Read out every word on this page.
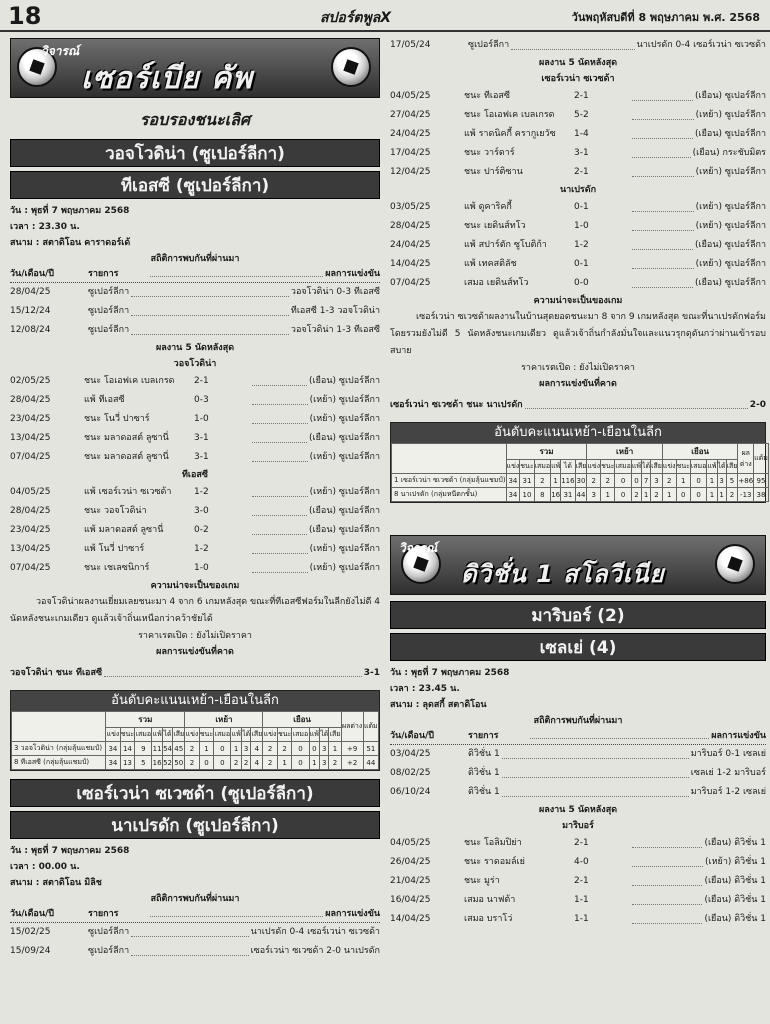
18	สปอร์ตพูลX	วันพฤหัสบดีที่ 8 พฤษภาคม พ.ศ. 2568
วิจารณ์
เซอร์เบีย คัพ
รอบรองชนะเลิศ
วอจโวดิน่า (ซูเปอร์ลีกา)
ทีเอสซี (ซูเปอร์ลีกา)
วัน : พุธที่ 7 พฤษภาคม 2568
เวลา : 23.30 น.
สนาม : สตาดิโอน คาราดอร์เด้
สถิติการพบกันที่ผ่านมา
วัน/เดือน/ปี	รายการ	ผลการแข่งขัน
28/04/25	ซูเปอร์ลีกา	วอจโวดิน่า 0-3 ทีเอสซี
15/12/24	ซูเปอร์ลีกา	ทีเอสซี 1-3 วอจโวดิน่า
12/08/24	ซูเปอร์ลีกา	วอจโวดิน่า 1-3 ทีเอสซี
ผลงาน 5 นัดหลังสุด
วอจโวดิน่า
02/05/25	ชนะ โอเอฟเค เบลเกรด	2-1	(เยือน) ซูเปอร์ลีกา
28/04/25	แพ้ ทีเอสซี	0-3	(เหย้า) ซูเปอร์ลีกา
23/04/25	ชนะ โนวี่ ปาซาร์	1-0	(เหย้า) ซูเปอร์ลีกา
13/04/25	ชนะ มลาดอสต์ ลูซานี่	3-1	(เยือน) ซูเปอร์ลีกา
07/04/25	ชนะ มลาดอสต์ ลูซานี่	3-1	(เหย้า) ซูเปอร์ลีกา
ทีเอสซี
04/05/25	แพ้ เซอร์เวน่า ซเวซด้า	1-2	(เหย้า) ซูเปอร์ลีกา
28/04/25	ชนะ วอจโวดิน่า	3-0	(เยือน) ซูเปอร์ลีกา
23/04/25	แพ้ มลาดอสต์ ลูซานี่	0-2	(เยือน) ซูเปอร์ลีกา
13/04/25	แพ้ โนวี่ ปาซาร์	1-2	(เหย้า) ซูเปอร์ลีกา
07/04/25	ชนะ เชเลซนิการ์	1-0	(เหย้า) ซูเปอร์ลีกา
ความน่าจะเป็นของเกม
วอจโวดิน่าผลงานเยี่ยมเลยชนะมา 4 จาก 6 เกมหลังสุด ขณะที่ทีเอสซีฟอร์มในลีกยังไม่ดี 4 นัดหลังชนะเกมเดียว ดูแล้วเจ้าถิ่นเหนือกว่าคว้าชัยได้
ราคาเรตเปิด : ยังไม่เปิดราคา
ผลการแข่งขันที่คาด
วอจโวดิน่า ชนะ ทีเอสซี	3-1
อันดับคะแนนเหย้า-เยือนในลีก
	รวม						เหย้า						เยือน						ผลต่าง	แต้ม
	แข่ง	ชนะ	เสมอ	แพ้	ได้	เสีย	แข่ง	ชนะ	เสมอ	แพ้	ได้	เสีย	แข่ง	ชนะ	เสมอ	แพ้	ได้	เสีย		
3 วอจโวดิน่า (กลุ่มลุ้นแชมป์)	34	14	9	11	54	45	2	1	0	1	3	4	2	2	0	0	3	1	+9	51
8 ทีเอสซี (กลุ่มลุ้นแชมป์)	34	13	5	16	52	50	2	0	0	2	2	4	2	1	0	1	3	2	+2	44
เซอร์เวน่า ซเวซด้า (ซูเปอร์ลีกา)
นาเปรดัก (ซูเปอร์ลีกา)
วัน : พุธที่ 7 พฤษภาคม 2568
เวลา : 00.00 น.
สนาม : สตาดิโอน มิลิช
สถิติการพบกันที่ผ่านมา
วัน/เดือน/ปี	รายการ	ผลการแข่งขัน
15/02/25	ซูเปอร์ลีกา	นาเปรดัก 0-4 เซอร์เวน่า ซเวซด้า
15/09/24	ซูเปอร์ลีกา	เซอร์เวน่า ซเวซด้า 2-0 นาเปรดัก
17/05/24	ซูเปอร์ลีกา	นาเปรดัก 0-4 เซอร์เวน่า ซเวซด้า
ผลงาน 5 นัดหลังสุด
เซอร์เวน่า ซเวซด้า
04/05/25	ชนะ ทีเอสซี	2-1	(เยือน) ซูเปอร์ลีกา
27/04/25	ชนะ โอเอฟเค เบลเกรด	5-2	(เหย้า) ซูเปอร์ลีกา
24/04/25	แพ้ ราดนิคกี้ ครากูเยวัซ	1-4	(เยือน) ซูเปอร์ลีกา
17/04/25	ชนะ วาร์ดาร์	3-1	(เยือน) กระชับมิตร
12/04/25	ชนะ ปาร์ติซาน	2-1	(เหย้า) ซูเปอร์ลีกา
นาเปรดัก
03/05/25	แพ้ ดูคาริคกี้	0-1	(เหย้า) ซูเปอร์ลีกา
28/04/25	ชนะ เยดินส์ทโว	1-0	(เหย้า) ซูเปอร์ลีกา
24/04/25	แพ้ สปาร์ตัก ซูโบติก้า	1-2	(เยือน) ซูเปอร์ลีกา
14/04/25	แพ้ เทคสติลัช	0-1	(เหย้า) ซูเปอร์ลีกา
07/04/25	เสมอ เยดินส์ทโว	0-0	(เยือน) ซูเปอร์ลีกา
ความน่าจะเป็นของเกม
เซอร์เวน่า ซเวซด้าผลงานในบ้านสุดยอดชนะมา 8 จาก 9 เกมหลังสุด ขณะที่นาเปรดักฟอร์มโดยรวมยังไม่ดี 5 นัดหลังชนะเกมเดียว ดูแล้วเจ้าถิ่นกำลังมั่นใจและแนวรุกดุดันกว่าผ่านเข้ารอบสบาย
ราคาเรตเปิด : ยังไม่เปิดราคา
ผลการแข่งขันที่คาด
เซอร์เวน่า ซเวซด้า ชนะ นาเปรดัก	2-0
อันดับคะแนนเหย้า-เยือนในลีก
	รวม						เหย้า						เยือน						ผลต่าง	แต้ม
	แข่ง	ชนะ	เสมอ	แพ้	ได้	เสีย	แข่ง	ชนะ	เสมอ	แพ้	ได้	เสีย	แข่ง	ชนะ	เสมอ	แพ้	ได้	เสีย		
1 เซอร์เวน่า ซเวซด้า (กลุ่มลุ้นแชมป์)	34	31	2	1	116	30	2	2	0	0	7	3	2	1	0	1	3	5	+86	95
8 นาเปรดัก (กลุ่มหนีตกชั้น)	34	10	8	16	31	44	3	1	0	2	1	2	1	0	0	1	1	2	-13	38
วิจารณ์
ดิวิชั่น 1 สโลวีเนีย
มาริบอร์ (2)
เซลเย่ (4)
วัน : พุธที่ 7 พฤษภาคม 2568
เวลา : 23.45 น.
สนาม : ลุดสกี้ สตาดิโอน
สถิติการพบกันที่ผ่านมา
วัน/เดือน/ปี	รายการ	ผลการแข่งขัน
03/04/25	ดิวิชั่น 1	มาริบอร์ 0-1 เซลเย่
08/02/25	ดิวิชั่น 1	เซลเย่ 1-2 มาริบอร์
06/10/24	ดิวิชั่น 1	มาริบอร์ 1-2 เซลเย่
ผลงาน 5 นัดหลังสุด
มาริบอร์
04/05/25	ชนะ โอลิมปิย่า	2-1	(เยือน) ดิวิชั่น 1
26/04/25	ชนะ ราดอมล์เย่	4-0	(เหย้า) ดิวิชั่น 1
21/04/25	ชนะ มูร่า	2-1	(เยือน) ดิวิชั่น 1
16/04/25	เสมอ นาฟต้า	1-1	(เยือน) ดิวิชั่น 1
14/04/25	เสมอ บราโว่	1-1	(เยือน) ดิวิชั่น 1
